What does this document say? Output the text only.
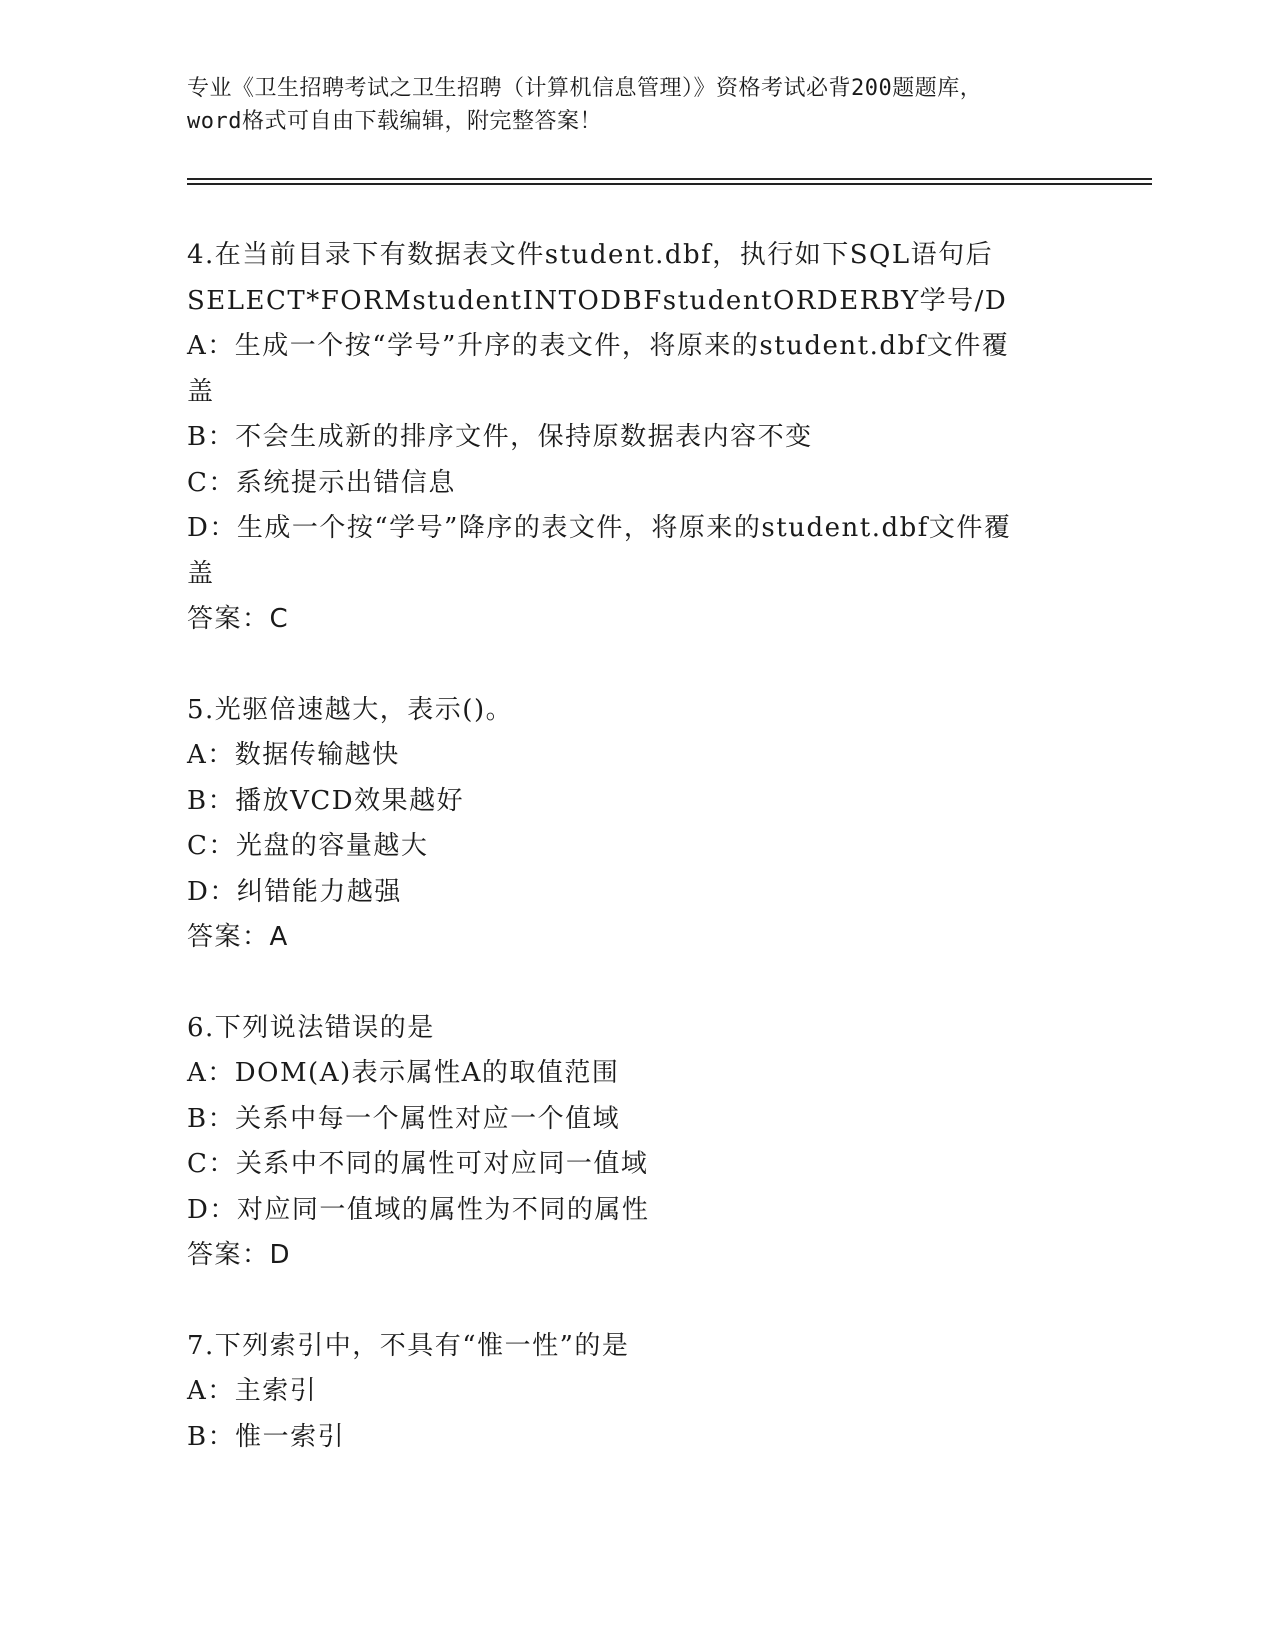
专业《卫生招聘考试之卫生招聘（计算机信息管理）》资格考试必背200题题库，

word格式可自由下载编辑，附完整答案！

4.在当前目录下有数据表文件student.dbf，执行如下SQL语句后

SELECT*FORMstudentINTODBFstudentORDERBY学号/D

A：生成一个按“学号”升序的表文件，将原来的student.dbf文件覆

盖

B：不会生成新的排序文件，保持原数据表内容不变

C：系统提示出错信息

D：生成一个按“学号”降序的表文件，将原来的student.dbf文件覆

盖

答案：C

5.光驱倍速越大，表示()。

A：数据传输越快

B：播放VCD效果越好

C：光盘的容量越大

D：纠错能力越强

答案：A

6.下列说法错误的是

A：DOM(A)表示属性A的取值范围

B：关系中每一个属性对应一个值域

C：关系中不同的属性可对应同一值域

D：对应同一值域的属性为不同的属性

答案：D

7.下列索引中，不具有“惟一性”的是

A：主索引

B：惟一索引
